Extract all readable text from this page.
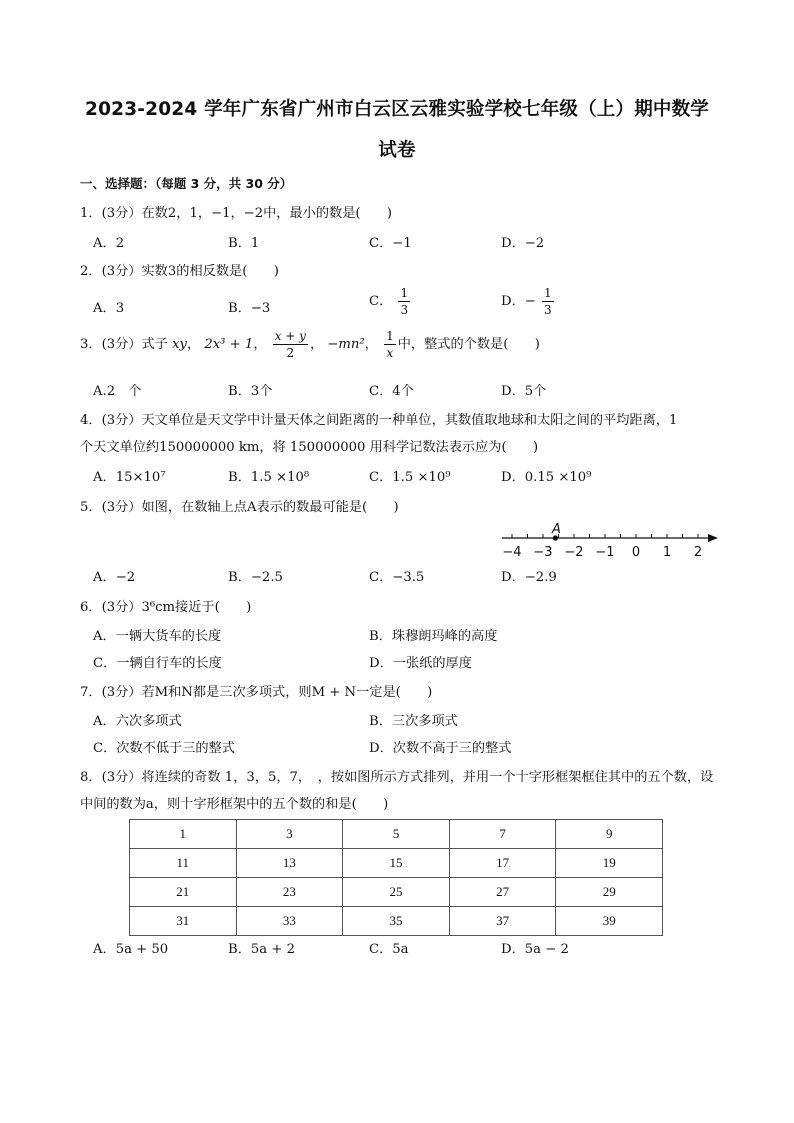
2023-2024 学年广东省广州市白云区云雅实验学校七年级（上）期中数学
试卷
一、选择题：（每题 3 分，共 30 分）
1．(3分）在数2，1，−1，−2中，最小的数是(　　)
A．2	B．1	C．−1	D．−2
2．(3分）实数3的相反数是(　　)
A．3	B．−3	C． $\frac{1}{3}$	D．− $\frac{1}{3}$
3．(3分）式子 xy， 2x³ + 1， $\frac{x + y}{2}$ ， −mn²， $\frac{1}{x}$ 中，整式的个数是(　　)
A.2　个	B．3个	C．4个	D．5个
4．(3分）天文单位是天文学中计量天体之间距离的一种单位，其数值取地球和太阳之间的平均距离，1
个天文单位约150000000 km，将 150000000 用科学记数法表示应为(　　)
A．15×10⁷	B．1.5 ×10⁸	C．1.5 ×10⁹	D．0.15 ×10⁹
5．(3分）如图，在数轴上点A表示的数最可能是(　　)
−4 −3 −2 −1 0 1 2
A
A．−2	B．−2.5	C．−3.5	D．−2.9
6．(3分）3⁶cm接近于(　　)
A．一辆大货车的长度	B．珠穆朗玛峰的高度
C．一辆自行车的长度	D．一张纸的厚度
7．(3分）若M和N都是三次多项式，则M + N一定是(　　)
A．六次多项式	B．三次多项式
C．次数不低于三的整式	D．次数不高于三的整式
8．(3分）将连续的奇数 1，3，5，7，　，按如图所示方式排列，并用一个十字形框架框住其中的五个数，设
中间的数为a，则十字形框架中的五个数的和是(　　)
1	3	5	7	9
11	13	15	17	19
21	23	25	27	29
31	33	35	37	39
A．5a + 50	B．5a + 2	C．5a	D．5a − 2
